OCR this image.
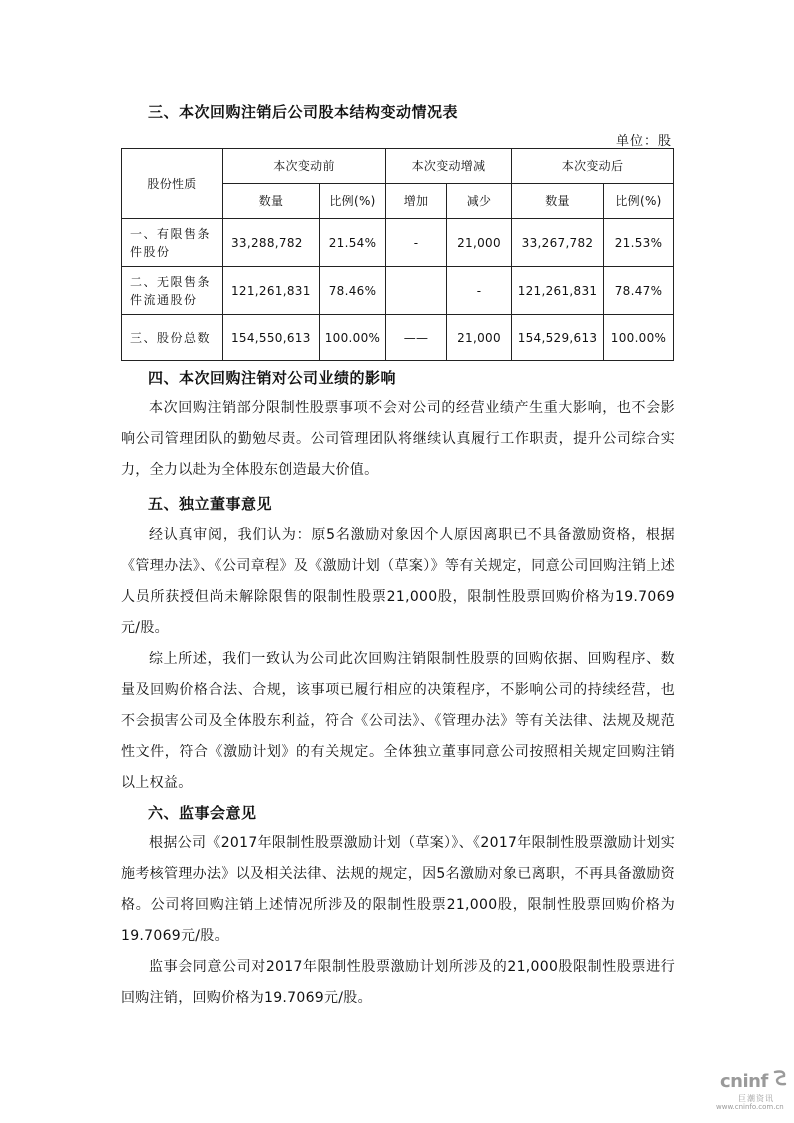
三、本次回购注销后公司股本结构变动情况表
单位：股
股份性质	本次变动前		本次变动增减		本次变动后	
	数量	比例(%)	增加	减少	数量	比例(%)
一、有限售条件股份	33,288,782	21.54%	-	21,000	33,267,782	21.53%
二、无限售条件流通股份	121,261,831	78.46%		-	121,261,831	78.47%
三、股份总数	154,550,613	100.00%	——	21,000	154,529,613	100.00%
四、本次回购注销对公司业绩的影响

本次回购注销部分限制性股票事项不会对公司的经营业绩产生重大影响，也不会影响公司管理团队的勤勉尽责。公司管理团队将继续认真履行工作职责，提升公司综合实力，全力以赴为全体股东创造最大价值。

五、独立董事意见

经认真审阅，我们认为：原5名激励对象因个人原因离职已不具备激励资格，根据《管理办法》、《公司章程》及《激励计划（草案）》等有关规定，同意公司回购注销上述人员所获授但尚未解除限售的限制性股票21,000股，限制性股票回购价格为19.7069元/股。

综上所述，我们一致认为公司此次回购注销限制性股票的回购依据、回购程序、数量及回购价格合法、合规，该事项已履行相应的决策程序，不影响公司的持续经营，也不会损害公司及全体股东利益，符合《公司法》、《管理办法》等有关法律、法规及规范性文件，符合《激励计划》的有关规定。全体独立董事同意公司按照相关规定回购注销以上权益。

六、监事会意见

根据公司《2017年限制性股票激励计划（草案）》、《2017年限制性股票激励计划实施考核管理办法》以及相关法律、法规的规定，因5名激励对象已离职，不再具备激励资格。公司将回购注销上述情况所涉及的限制性股票21,000股，限制性股票回购价格为19.7069元/股。

监事会同意公司对2017年限制性股票激励计划所涉及的21,000股限制性股票进行回购注销，回购价格为19.7069元/股。

cninf
巨潮资讯
www.cninfo.com.cn
